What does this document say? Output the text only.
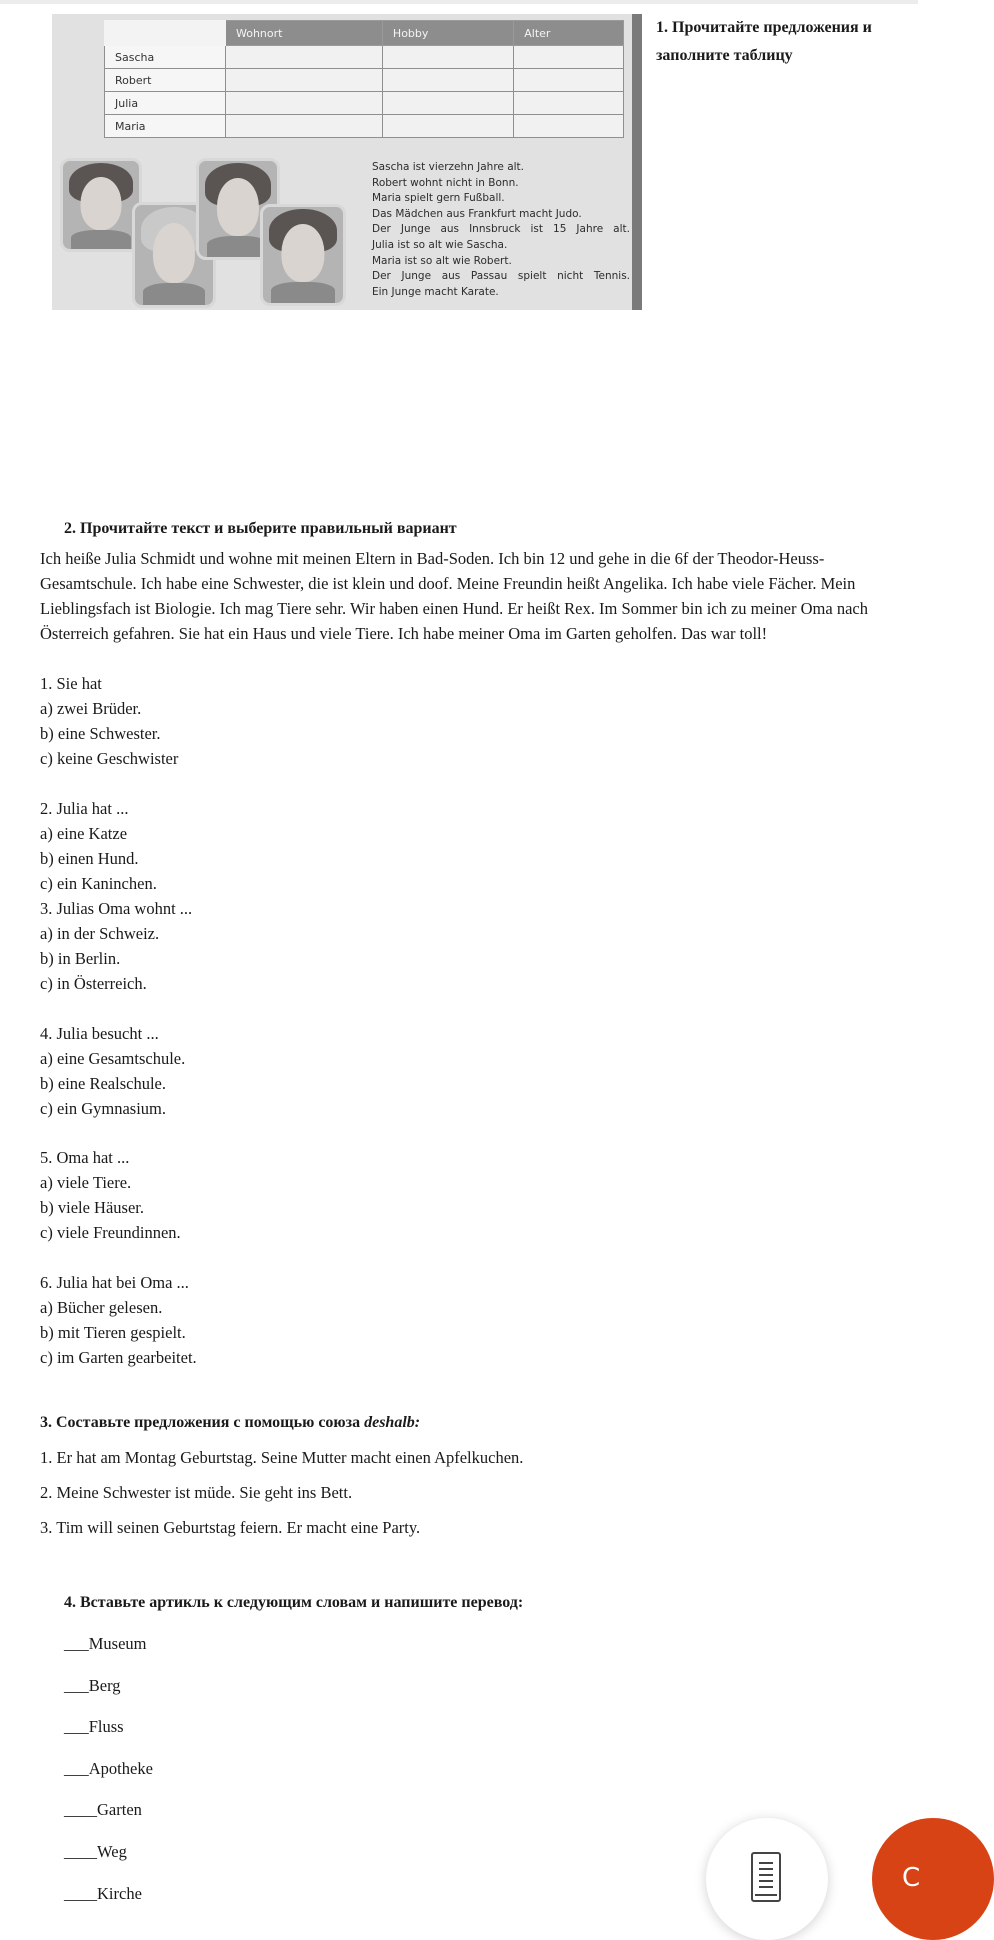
	Wohnort	Hobby	Alter
Sascha			
Robert			
Julia			
Maria			
Sascha ist vierzehn Jahre alt.
Robert wohnt nicht in Bonn.
Maria spielt gern Fußball.
Das Mädchen aus Frankfurt macht Judo.
Der Junge aus Innsbruck ist 15 Jahre alt.
Julia ist so alt wie Sascha.
Maria ist so alt wie Robert.
Der Junge aus Passau spielt nicht Tennis.
Ein Junge macht Karate.
1. Прочитайте предложения и
заполните таблицу
2. Прочитайте текст и выберите правильный вариант
Ich heiße Julia Schmidt und wohne mit meinen Eltern in Bad-Soden. Ich bin 12 und gehe in die 6f der Theodor-Heuss-
Gesamtschule. Ich habe eine Schwester, die ist klein und doof. Meine Freundin heißt Angelika. Ich habe viele Fächer. Mein
Lieblingsfach ist Biologie. Ich mag Tiere sehr. Wir haben einen Hund. Er heißt Rex. Im Sommer bin ich zu meiner Oma nach
Österreich gefahren. Sie hat ein Haus und viele Tiere. Ich habe meiner Oma im Garten geholfen. Das war toll!
1. Sie hat
a) zwei Brüder.
b) eine Schwester.
c) keine Geschwister
2. Julia hat ...
a) eine Katze
b) einen Hund.
c) ein Kaninchen.
3. Julias Oma wohnt ...
a) in der Schweiz.
b) in Berlin.
c) in Österreich.
4. Julia besucht ...
a) eine Gesamtschule.
b) eine Realschule.
c) ein Gymnasium.
5. Oma hat ...
a) viele Tiere.
b) viele Häuser.
c) viele Freundinnen.
6. Julia hat bei Oma ...
a) Bücher gelesen.
b) mit Tieren gespielt.
c) im Garten gearbeitet.
3. Составьте предложения с помощью союза deshalb:
1. Er hat am Montag Geburtstag. Seine Mutter macht einen Apfelkuchen.
2. Meine Schwester ist müde. Sie geht ins Bett.
3. Tim will seinen Geburtstag feiern. Er macht eine Party.
4. Вставьте артикль к следующим словам и напишите перевод:
___Museum
___Berg
___Fluss
___Apotheke
____Garten
____Weg
____Kirche
С
